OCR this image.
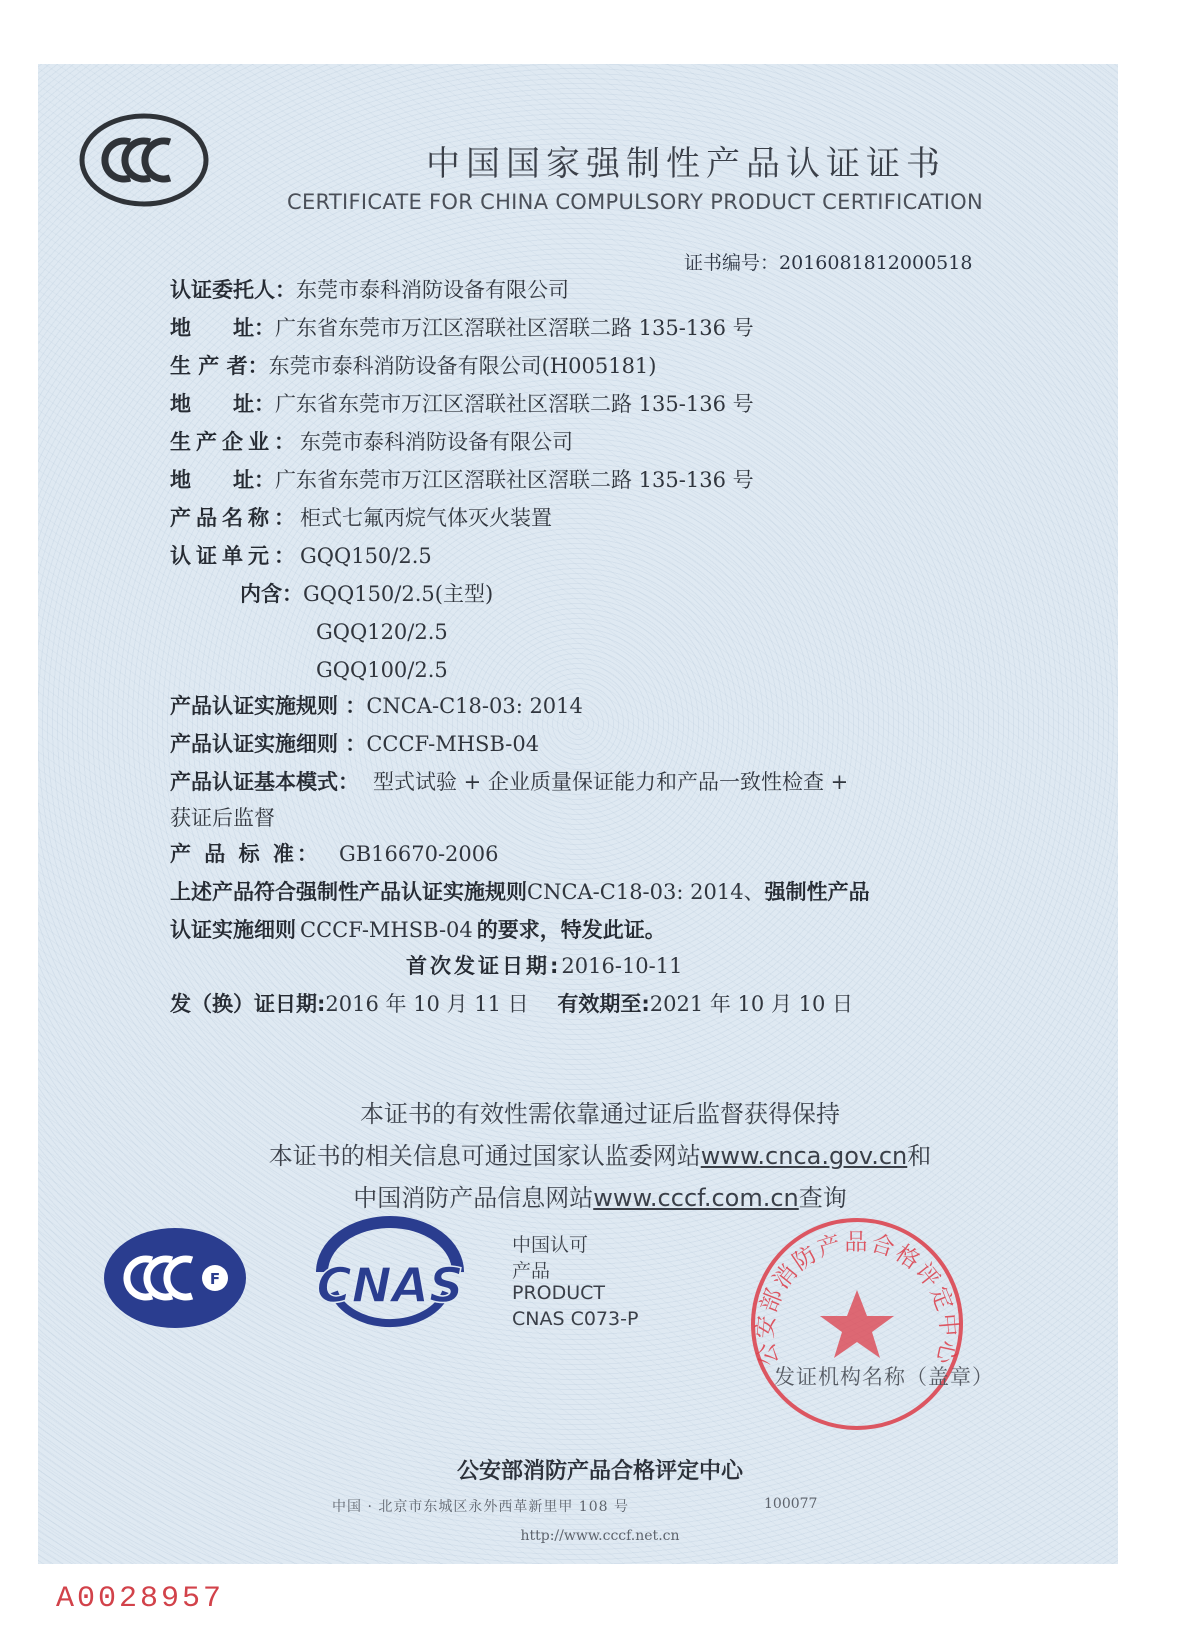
中国国家强制性产品认证证书
CERTIFICATE FOR CHINA COMPULSORY PRODUCT CERTIFICATION
证书编号：2016081812000518
认证委托人：东莞市泰科消防设备有限公司
地　　址：广东省东莞市万江区滘联社区滘联二路 135-136 号
生 产 者：东莞市泰科消防设备有限公司(H005181)
地　　址：广东省东莞市万江区滘联社区滘联二路 135-136 号
生产企业：东莞市泰科消防设备有限公司
地　　址：广东省东莞市万江区滘联社区滘联二路 135-136 号
产品名称：柜式七氟丙烷气体灭火装置
认证单元：GQQ150/2.5
内含：GQQ150/2.5(主型)
GQQ120/2.5
GQQ100/2.5
产品认证实施规则 ：CNCA-C18-03: 2014
产品认证实施细则 ：CCCF-MHSB-04
产品认证基本模式： 型式试验 + 企业质量保证能力和产品一致性检查 +
获证后监督
产 品 标 准： GB16670-2006
上述产品符合强制性产品认证实施规则CNCA-C18-03: 2014、强制性产品
认证实施细则 CCCF-MHSB-04 的要求，特发此证。
首次发证日期:2016-10-11
发（换）证日期:2016 年 10 月 11 日 有效期至:2021 年 10 月 10 日
本证书的有效性需依靠通过证后监督获得保持
本证书的相关信息可通过国家认监委网站www.cnca.gov.cn和
中国消防产品信息网站www.cccf.com.cn查询
F CNAS
中国认可
产品
PRODUCT
CNAS C073-P
公安部消防产品合格评定中心
发证机构名称（盖章）
公安部消防产品合格评定中心
中国 · 北京市东城区永外西革新里甲 108 号	100077
http://www.cccf.net.cn
A0028957
